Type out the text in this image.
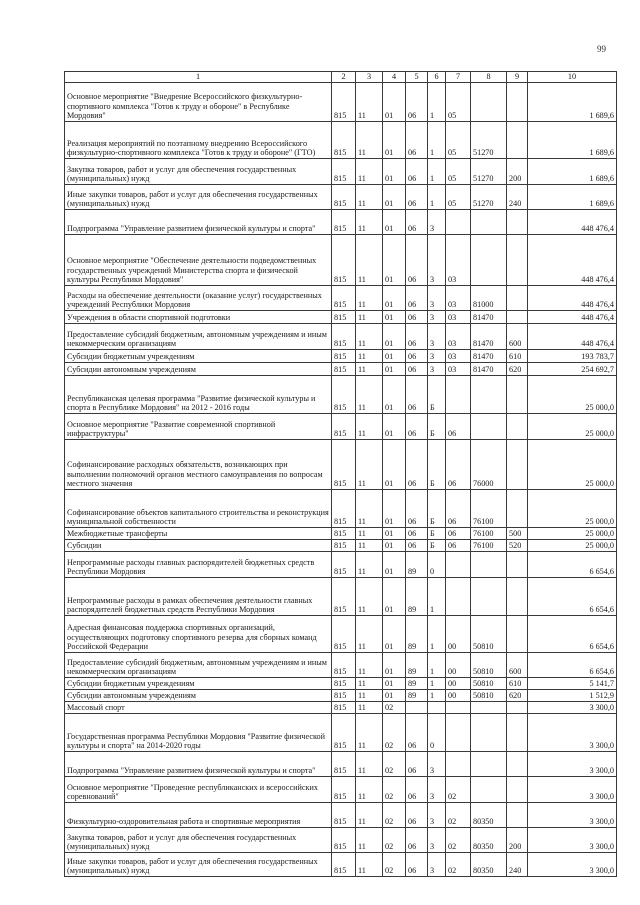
99
1	2	3	4	5	6	7	8	9	10
Основное мероприятие "Внедрение Всероссийского физкультурно-спортивного комплекса "Готов к труду и обороне" в Республике Мордовия"	815	11	01	06	1	05			1 689,6
Реализация мероприятий по поэтапному внедрению Всероссийского физкультурно-спортивного комплекса "Готов к труду и обороне" (ГТО)	815	11	01	06	1	05	51270		1 689,6
Закупка товаров, работ и услуг для обеспечения государственных (муниципальных) нужд	815	11	01	06	1	05	51270	200	1 689,6
Иные закупки товаров, работ и услуг для обеспечения государственных (муниципальных) нужд	815	11	01	06	1	05	51270	240	1 689,6
Подпрограмма "Управление развитием физической культуры и спорта"	815	11	01	06	3				448 476,4
Основное мероприятие "Обеспечение деятельности подведомственных государственных учреждений Министерства спорта и физической культуры Республики Мордовия"	815	11	01	06	3	03			448 476,4
Расходы на обеспечение деятельности (оказание услуг) государственных учреждений Республики Мордовия	815	11	01	06	3	03	81000		448 476,4
Учреждения в области спортивной подготовки	815	11	01	06	3	03	81470		448 476,4
Предоставление субсидий бюджетным, автономным учреждениям и иным некоммерческим организациям	815	11	01	06	3	03	81470	600	448 476,4
Субсидии бюджетным учреждениям	815	11	01	06	3	03	81470	610	193 783,7
Субсидии автономным учреждениям	815	11	01	06	3	03	81470	620	254 692,7
Республиканская целевая программа "Развитие физической культуры и спорта в Республике Мордовия" на 2012 - 2016 годы	815	11	01	06	Б				25 000,0
Основное мероприятие "Развитие современной спортивной инфраструктуры"	815	11	01	06	Б	06			25 000,0
Софинансирование расходных обязательств, возникающих при выполнении полномочий органов местного самоуправления по вопросам местного значения	815	11	01	06	Б	06	76000		25 000,0
Софинансирование объектов капитального строительства и реконструкция муниципальной собственности	815	11	01	06	Б	06	76100		25 000,0
Межбюджетные трансферты	815	11	01	06	Б	06	76100	500	25 000,0
Субсидии	815	11	01	06	Б	06	76100	520	25 000,0
Непрограммные расходы главных распорядителей бюджетных средств Республики Мордовия	815	11	01	89	0				6 654,6
Непрограммные расходы в рамках обеспечения деятельности главных распорядителей бюджетных средств Республики Мордовия	815	11	01	89	1				6 654,6
Адресная финансовая поддержка спортивных организаций, осуществляющих подготовку спортивного резерва для сборных команд Российской Федерации	815	11	01	89	1	00	50810		6 654,6
Предоставление субсидий бюджетным, автономным учреждениям и иным некоммерческим организациям	815	11	01	89	1	00	50810	600	6 654,6
Субсидии бюджетным учреждениям	815	11	01	89	1	00	50810	610	5 141,7
Субсидии автономным учреждениям	815	11	01	89	1	00	50810	620	1 512,9
Массовый спорт	815	11	02						3 300,0
Государственная программа Республики Мордовия "Развитие физической культуры и спорта" на 2014-2020 годы	815	11	02	06	0				3 300,0
Подпрограмма "Управление развитием физической культуры и спорта"	815	11	02	06	3				3 300,0
Основное мероприятие "Проведение республиканских и всероссийских соревнований"	815	11	02	06	3	02			3 300,0
Физкультурно-оздоровительная работа и спортивные мероприятия	815	11	02	06	3	02	80350		3 300,0
Закупка товаров, работ и услуг для обеспечения государственных (муниципальных) нужд	815	11	02	06	3	02	80350	200	3 300,0
Иные закупки товаров, работ и услуг для обеспечения государственных (муниципальных) нужд	815	11	02	06	3	02	80350	240	3 300,0
